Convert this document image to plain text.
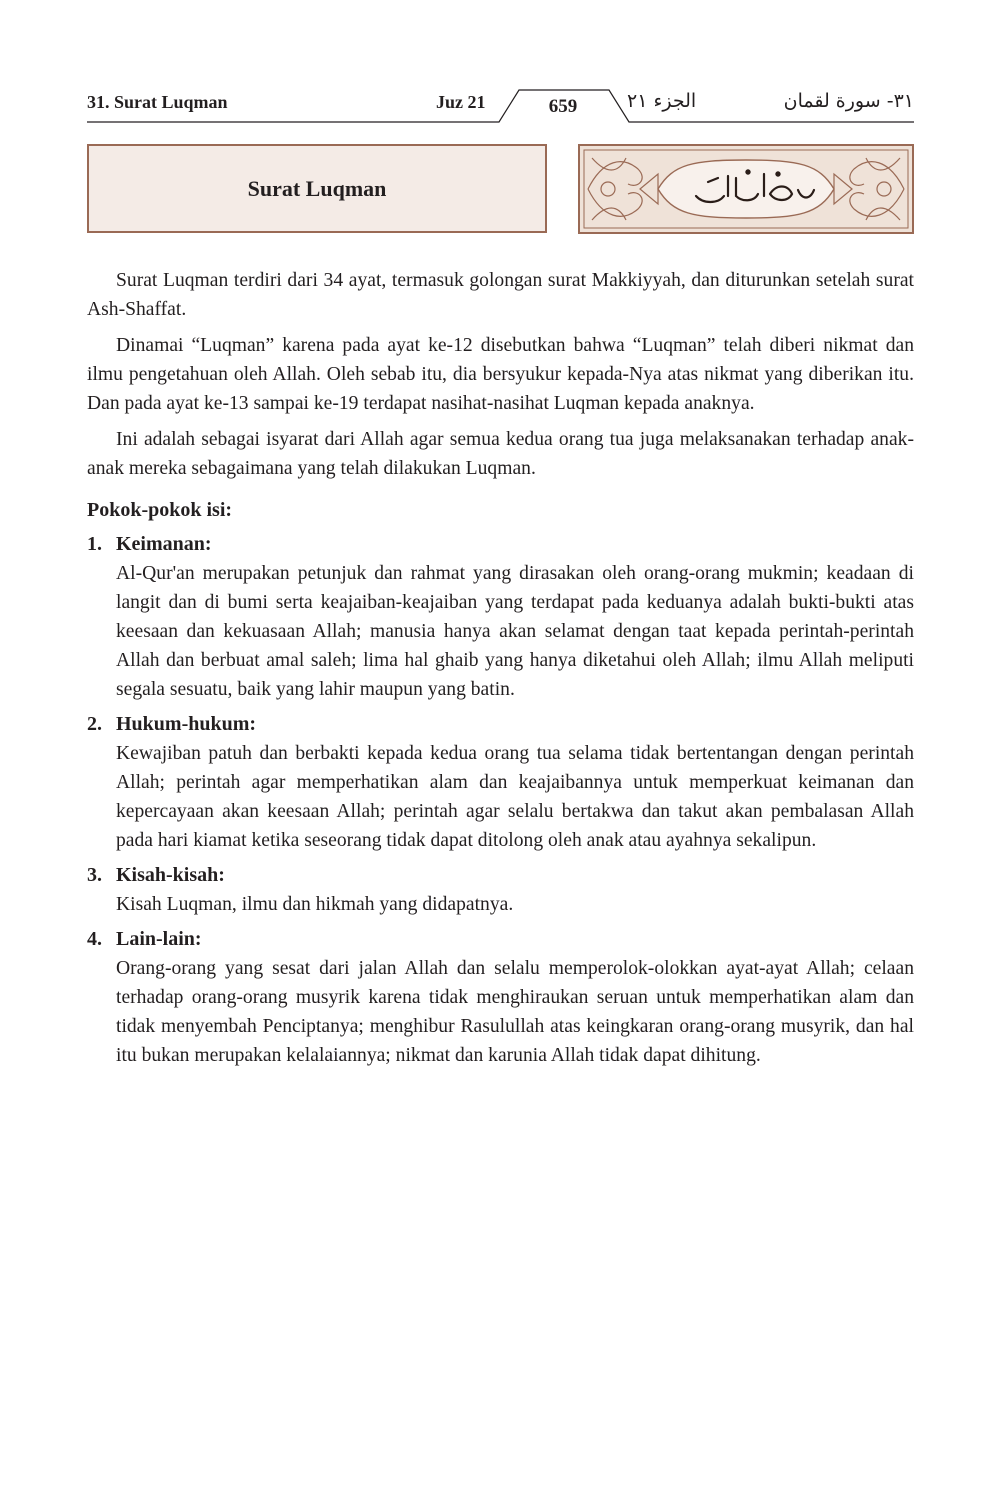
31. Surat Luqman	Juz 21	659	الجزء ٢١	٣١- سورة لقمان
Surat Luqman

Surat Luqman terdiri dari 34 ayat, termasuk golongan surat Makkiyyah, dan diturunkan setelah surat Ash-Shaffat.

Dinamai “Luqman” karena pada ayat ke-12 disebutkan bahwa “Luqman” telah diberi nikmat dan ilmu pengetahuan oleh Allah. Oleh sebab itu, dia bersyukur kepada-Nya atas nikmat yang diberikan itu. Dan pada ayat ke-13 sampai ke-19 terdapat nasihat-nasihat Luqman kepada anaknya.

Ini adalah sebagai isyarat dari Allah agar semua kedua orang tua juga melaksanakan terhadap anak-anak mereka sebagaimana yang telah dilakukan Luqman.

Pokok-pokok isi:
1. Keimanan:
Al-Qur'an merupakan petunjuk dan rahmat yang dirasakan oleh orang-orang mukmin; keadaan di langit dan di bumi serta keajaiban-keajaiban yang terdapat pada keduanya adalah bukti-bukti atas keesaan dan kekuasaan Allah; manusia hanya akan selamat dengan taat kepada perintah-perintah Allah dan berbuat amal saleh; lima hal ghaib yang hanya diketahui oleh Allah; ilmu Allah meliputi segala sesuatu, baik yang lahir maupun yang batin.
2. Hukum-hukum:
Kewajiban patuh dan berbakti kepada kedua orang tua selama tidak bertentangan dengan perintah Allah; perintah agar memperhatikan alam dan keajaibannya untuk memperkuat keimanan dan kepercayaan akan keesaan Allah; perintah agar selalu bertakwa dan takut akan pembalasan Allah pada hari kiamat ketika seseorang tidak dapat ditolong oleh anak atau ayahnya sekalipun.
3. Kisah-kisah:
Kisah Luqman, ilmu dan hikmah yang didapatnya.
4. Lain-lain:
Orang-orang yang sesat dari jalan Allah dan selalu memperolok-olokkan ayat-ayat Allah; celaan terhadap orang-orang musyrik karena tidak menghiraukan seruan untuk memperhatikan alam dan tidak menyembah Penciptanya; menghibur Rasulullah atas keingkaran orang-orang musyrik, dan hal itu bukan merupakan kelalaiannya; nikmat dan karunia Allah tidak dapat dihitung.
